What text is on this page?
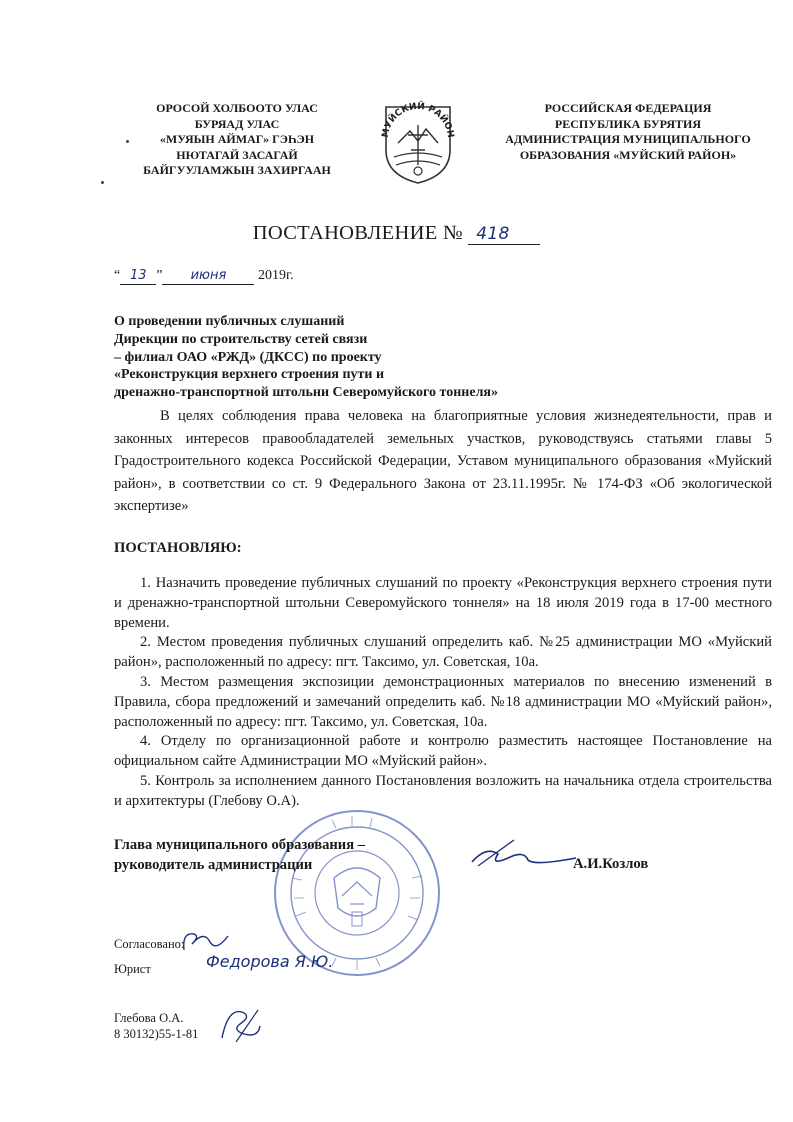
ОРОСОЙ ХОЛБООТО УЛАС
БУРЯАД УЛАС
«МУЯЫН АЙМАГ» ГЭҺЭН
НЮТАГАЙ ЗАСАГАЙ
БАЙГУУЛАМЖЫН ЗАХИРГААН
МУЙСКИЙ РАЙОН
РОССИЙСКАЯ ФЕДЕРАЦИЯ
РЕСПУБЛИКА БУРЯТИЯ
АДМИНИСТРАЦИЯ МУНИЦИПАЛЬНОГО
ОБРАЗОВАНИЯ «МУЙСКИЙ РАЙОН»
ПОСТАНОВЛЕНИЕ № 418
“ 13 ” июня 2019г.
О проведении публичных слушаний
Дирекции по строительству сетей связи
– филиал ОАО «РЖД» (ДКСС) по проекту
«Реконструкция верхнего строения пути и
дренажно-транспортной штольни Северомуйского тоннеля»
В целях соблюдения права человека на благоприятные условия жизнедеятельности, прав и законных интересов правообладателей земельных участков, руководствуясь статьями главы 5 Градостроительного кодекса Российской Федерации, Уставом муниципального образования «Муйский район», в соответствии со ст. 9 Федерального Закона от 23.11.1995г. № 174-ФЗ «Об экологической экспертизе»
ПОСТАНОВЛЯЮ:

1. Назначить проведение публичных слушаний по проекту «Реконструкция верхнего строения пути и дренажно-транспортной штольни Северомуйского тоннеля» на 18 июля 2019 года в 17-00 местного времени.

2. Местом проведения публичных слушаний определить каб. №25 администрации МО «Муйский район», расположенный по адресу: пгт. Таксимо, ул. Советская, 10а.

3. Местом размещения экспозиции демонстрационных материалов по внесению изменений в Правила, сбора предложений и замечаний определить каб. №18 администрации МО «Муйский район», расположенный по адресу: пгт. Таксимо, ул. Советская, 10а.

4. Отделу по организационной работе и контролю разместить настоящее Постановление на официальном сайте Администрации МО «Муйский район».

5. Контроль за исполнением данного Постановления возложить на начальника отдела строительства и архитектуры (Глебову О.А).

Глава муниципального образования –
руководитель администрации	А.И.Козлов
Согласовано:
Юрист	Федорова Я.Ю.
Глебова О.А.
8 30132)55-1-81
